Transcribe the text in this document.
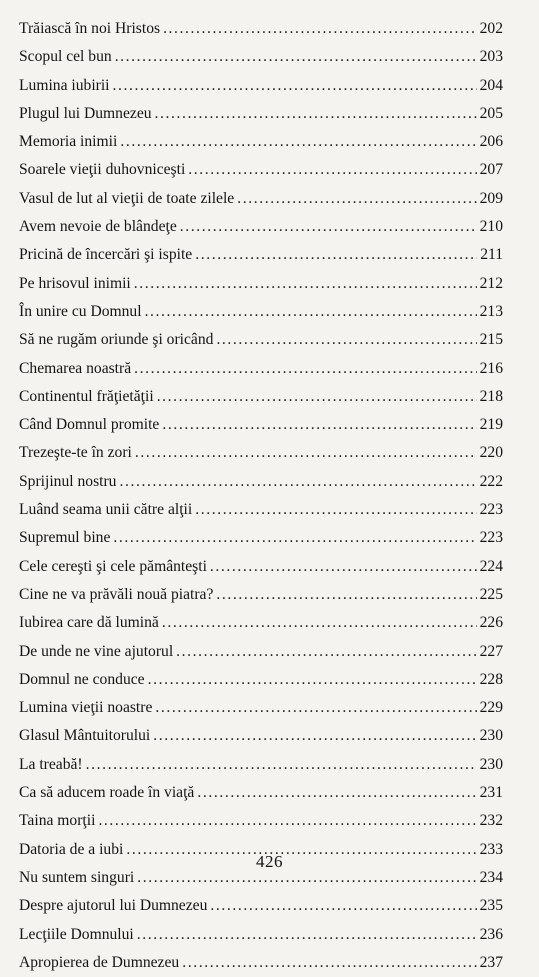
Trăiască în noi Hristos .....	202
Scopul cel bun .....	203
Lumina iubirii .....	204
Plugul lui Dumnezeu .....	205
Memoria inimii .....	206
Soarele vieţii duhovniceşti .....	207
Vasul de lut al vieţii de toate zilele .....	209
Avem nevoie de blândeţe .....	210
Pricină de încercări şi ispite .....	211
Pe hrisovul inimii .....	212
În unire cu Domnul .....	213
Să ne rugăm oriunde şi oricând .....	215
Chemarea noastră .....	216
Continentul frăţietăţii .....	218
Când Domnul promite .....	219
Trezeşte-te în zori .....	220
Sprijinul nostru .....	222
Luând seama unii către alţii .....	223
Supremul bine .....	223
Cele cereşti şi cele pământeşti .....	224
Cine ne va prăvăli nouă piatra? .....	225
Iubirea care dă lumină .....	226
De unde ne vine ajutorul .....	227
Domnul ne conduce .....	228
Lumina vieţii noastre .....	229
Glasul Mântuitorului .....	230
La treabă! .....	230
Ca să aducem roade în viaţă .....	231
Taina morţii .....	232
Datoria de a iubi .....	233
Nu suntem singuri .....	234
Despre ajutorul lui Dumnezeu .....	235
Lecţiile Domnului .....	236
Apropierea de Dumnezeu .....	237
426
